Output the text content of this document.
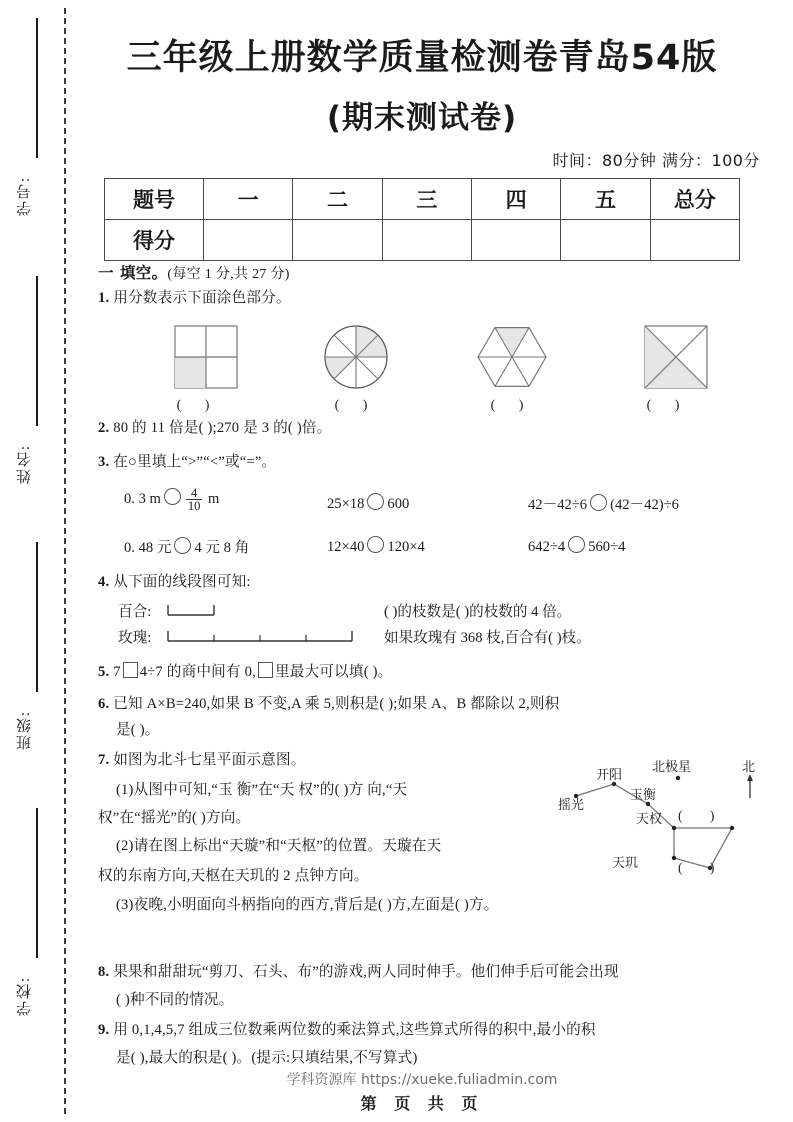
学号:
姓名:
班级:
学校:
三年级上册数学质量检测卷青岛54版
(期末测试卷)
时间：80分钟 满分：100分
题号	一	二	三	四	五	总分
得分						
一 填空。(每空 1 分,共 27 分)
1. 用分数表示下面涂色部分。
( )	( )	( )	( )
2. 80 的 11 倍是( );270 是 3 的( )倍。
3. 在○里填上“>”“<”或“=”。
0. 3 m $\frac{4}{10}$ m	25×18 600	42－42÷6 (42－42)÷6
0. 48 元 4 元 8 角	12×40 120×4	642÷4 560÷4
4. 从下面的线段图可知:
百合:
玫瑰:
( )的枝数是( )的枝数的 4 倍。
如果玫瑰有 368 枝,百合有( )枝。
5. 7 4÷7 的商中间有 0, 里最大可以填( )。
6. 已知 A×B=240,如果 B 不变,A 乘 5,则积是( );如果 A、B 都除以 2,则积
是( )。
7. 如图为北斗七星平面示意图。
(1)从图中可知,“玉 衡”在“天 权”的( )方 向,“天
权”在“摇光”的( )方向。
(2)请在图上标出“天璇”和“天枢”的位置。天璇在天
权的东南方向,天枢在天玑的 2 点钟方向。
(3)夜晚,小明面向斗柄指向的西方,背后是( )方,左面是( )方。
摇光
开阳
玉衡
天权
天玑
北极星	北
( )
( )
8. 果果和甜甜玩“剪刀、石头、布”的游戏,两人同时伸手。他们伸手后可能会出现
( )种不同的情况。
9. 用 0,1,4,5,7 组成三位数乘两位数的乘法算式,这些算式所得的积中,最小的积
是( ),最大的积是( )。(提示:只填结果,不写算式)
学科资源库 https://xueke.fuliadmin.com
第 页 共 页
